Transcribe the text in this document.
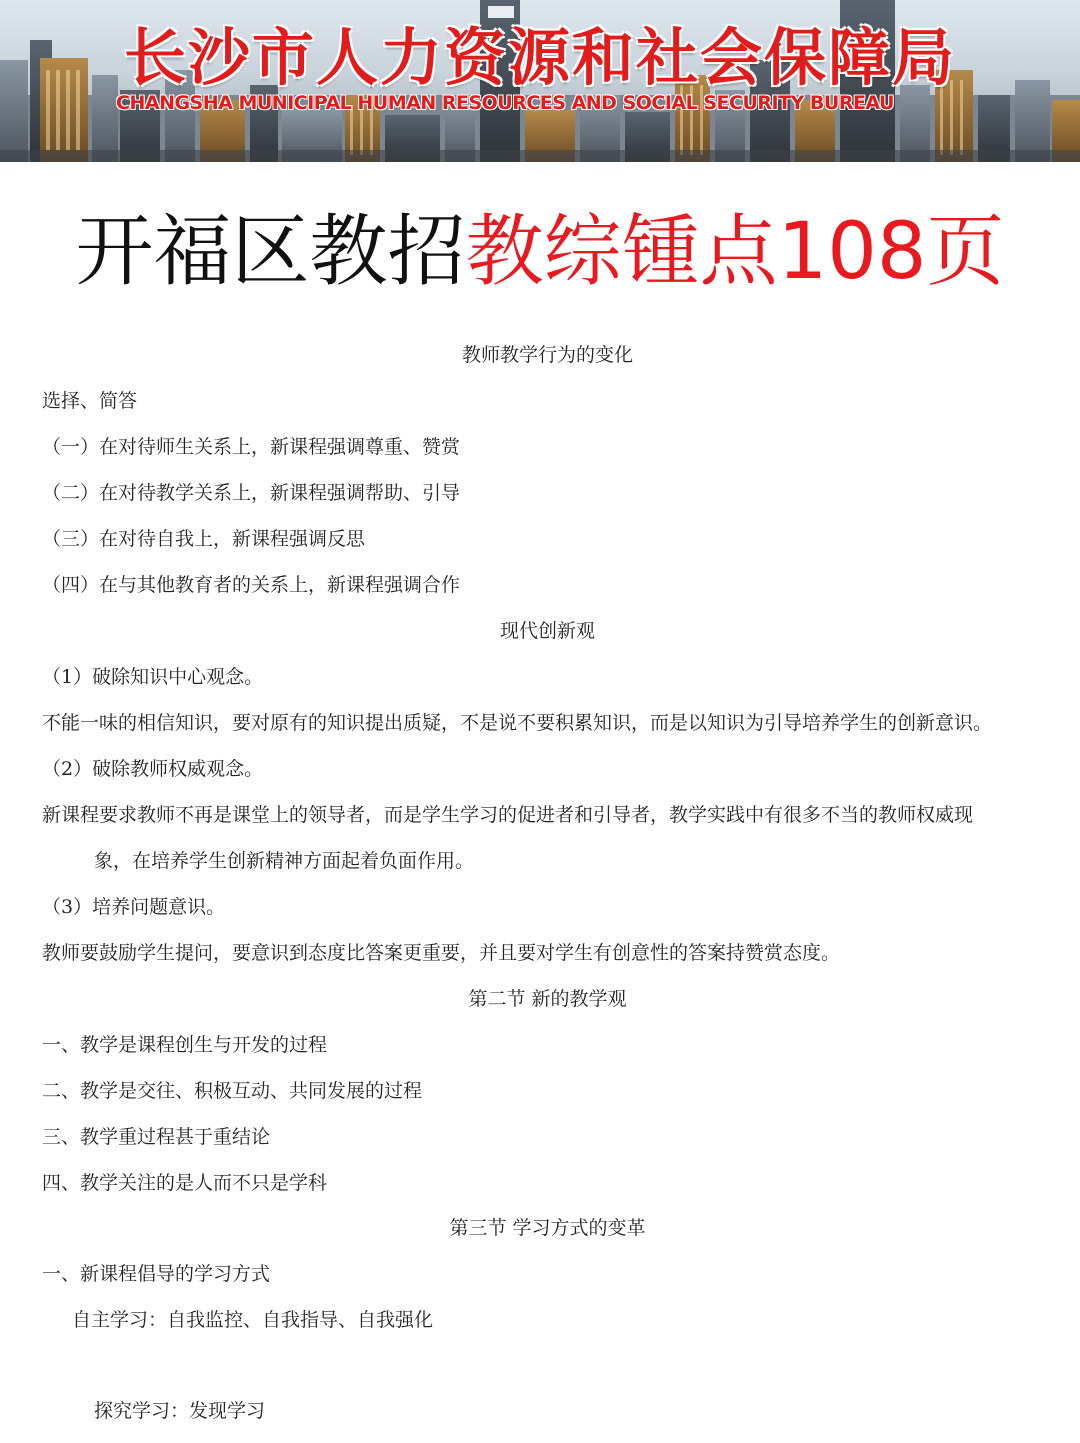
长沙市人力资源和社会保障局
CHANGSHA MUNICIPAL HUMAN RESOURCES AND SOCIAL SECURITY BUREAU
开福区教招教综锺点108页
教师教学行为的变化
选择、简答
（一）在对待师生关系上，新课程强调尊重、赞赏
（二）在对待教学关系上，新课程强调帮助、引导
（三）在对待自我上，新课程强调反思
（四）在与其他教育者的关系上，新课程强调合作
现代创新观
（1）破除知识中心观念。
不能一味的相信知识，要对原有的知识提出质疑，不是说不要积累知识，而是以知识为引导培养学生的创新意识。
（2）破除教师权威观念。
新课程要求教师不再是课堂上的领导者，而是学生学习的促进者和引导者，教学实践中有很多不当的教师权威现
象，在培养学生创新精神方面起着负面作用。
（3）培养问题意识。
教师要鼓励学生提问，要意识到态度比答案更重要，并且要对学生有创意性的答案持赞赏态度。
第二节 新的教学观
一、教学是课程创生与开发的过程
二、教学是交往、积极互动、共同发展的过程
三、教学重过程甚于重结论
四、教学关注的是人而不只是学科
第三节 学习方式的变革
一、新课程倡导的学习方式
自主学习：自我监控、自我指导、自我强化
探究学习：发现学习
